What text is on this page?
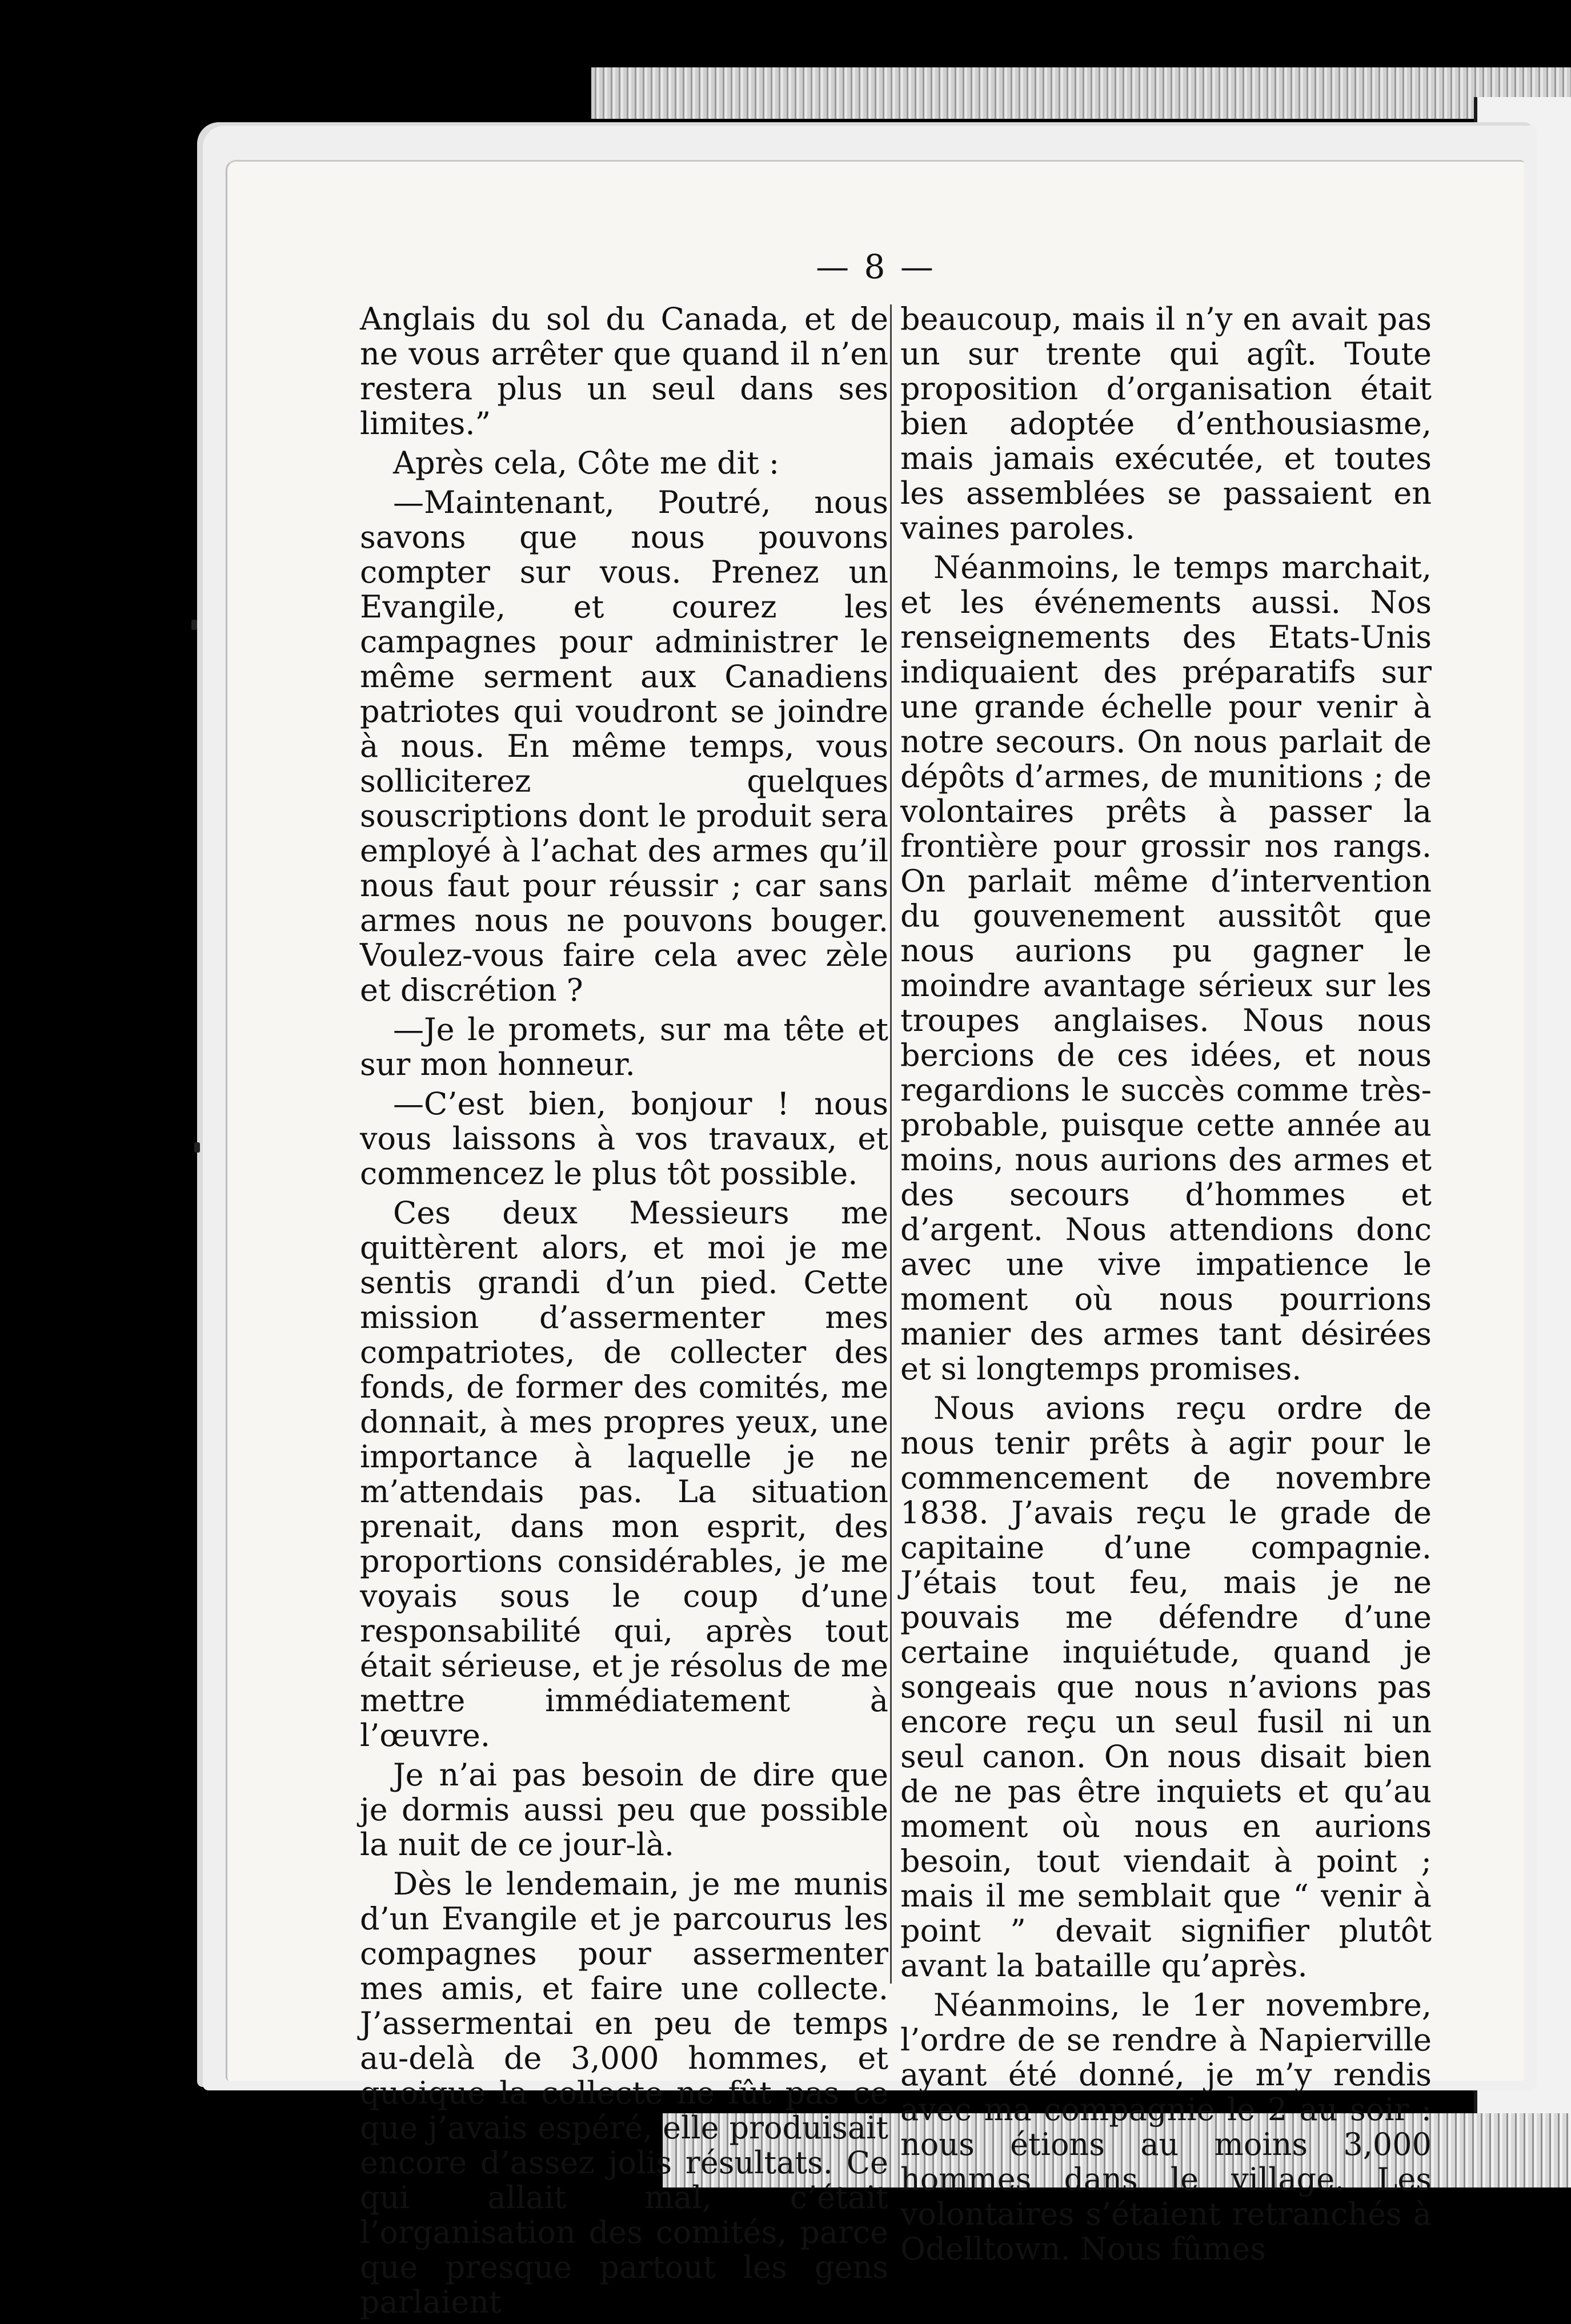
— 8 —

Anglais du sol du Canada, et de ne vous arrêter que quand il n’en restera plus un seul dans ses limites.”

Après cela, Côte me dit :

—Maintenant, Poutré, nous savons que nous pouvons compter sur vous. Prenez un Evangile, et courez les campagnes pour administrer le même serment aux Canadiens patriotes qui voudront se joindre à nous. En même temps, vous solliciterez quelques souscriptions dont le produit sera employé à l’achat des armes qu’il nous faut pour réussir ; car sans armes nous ne pouvons bouger. Voulez-vous faire cela avec zèle et discrétion ?

—Je le promets, sur ma tête et sur mon honneur.

—C’est bien, bonjour ! nous vous laissons à vos travaux, et commencez le plus tôt possible.

Ces deux Messieurs me quittèrent alors, et moi je me sentis grandi d’un pied. Cette mission d’assermenter mes compatriotes, de collecter des fonds, de former des comités, me donnait, à mes propres yeux, une importance à laquelle je ne m’attendais pas. La situation prenait, dans mon esprit, des proportions considérables, je me voyais sous le coup d’une responsabilité qui, après tout était sérieuse, et je résolus de me mettre immédiatement à l’œuvre.

Je n’ai pas besoin de dire que je dormis aussi peu que possible la nuit de ce jour-là.

Dès le lendemain, je me munis d’un Evangile et je parcourus les compagnes pour assermenter mes amis, et faire une collecte. J’assermentai en peu de temps au-delà de 3,000 hommes, et quoique la collecte ne fût pas ce que j’avais espéré, elle produisait encore d’assez jolis résultats. Ce qui allait mal, c’était l’organisation des comités, parce que presque partout les gens parlaient

beaucoup, mais il n’y en avait pas un sur trente qui agît. Toute proposition d’organisation était bien adoptée d’enthousiasme, mais jamais exécutée, et toutes les assemblées se passaient en vaines paroles.

Néanmoins, le temps marchait, et les événements aussi. Nos renseignements des Etats-Unis indiquaient des préparatifs sur une grande échelle pour venir à notre secours. On nous parlait de dépôts d’armes, de munitions ; de volontaires prêts à passer la frontière pour grossir nos rangs. On parlait même d’intervention du gouvenement aussitôt que nous aurions pu gagner le moindre avantage sérieux sur les troupes anglaises. Nous nous bercions de ces idées, et nous regardions le succès comme très-probable, puisque cette année au moins, nous aurions des armes et des secours d’hommes et d’argent. Nous attendions donc avec une vive impatience le moment où nous pourrions manier des armes tant désirées et si longtemps promises.

Nous avions reçu ordre de nous tenir prêts à agir pour le commencement de novembre 1838. J’avais reçu le grade de capitaine d’une compagnie. J’étais tout feu, mais je ne pouvais me défendre d’une certaine inquiétude, quand je songeais que nous n’avions pas encore reçu un seul fusil ni un seul canon. On nous disait bien de ne pas être inquiets et qu’au moment où nous en aurions besoin, tout viendait à point ; mais il me semblait que “ venir à point ” devait signifier plutôt avant la bataille qu’après.

Néanmoins, le 1er novembre, l’ordre de se rendre à Napierville ayant été donné, je m’y rendis avec ma compagnie le 2 au soir : nous étions au moins 3,000 hommes dans le village. Les volontaires s’étaient retranchés à Odelltown. Nous fûmes
